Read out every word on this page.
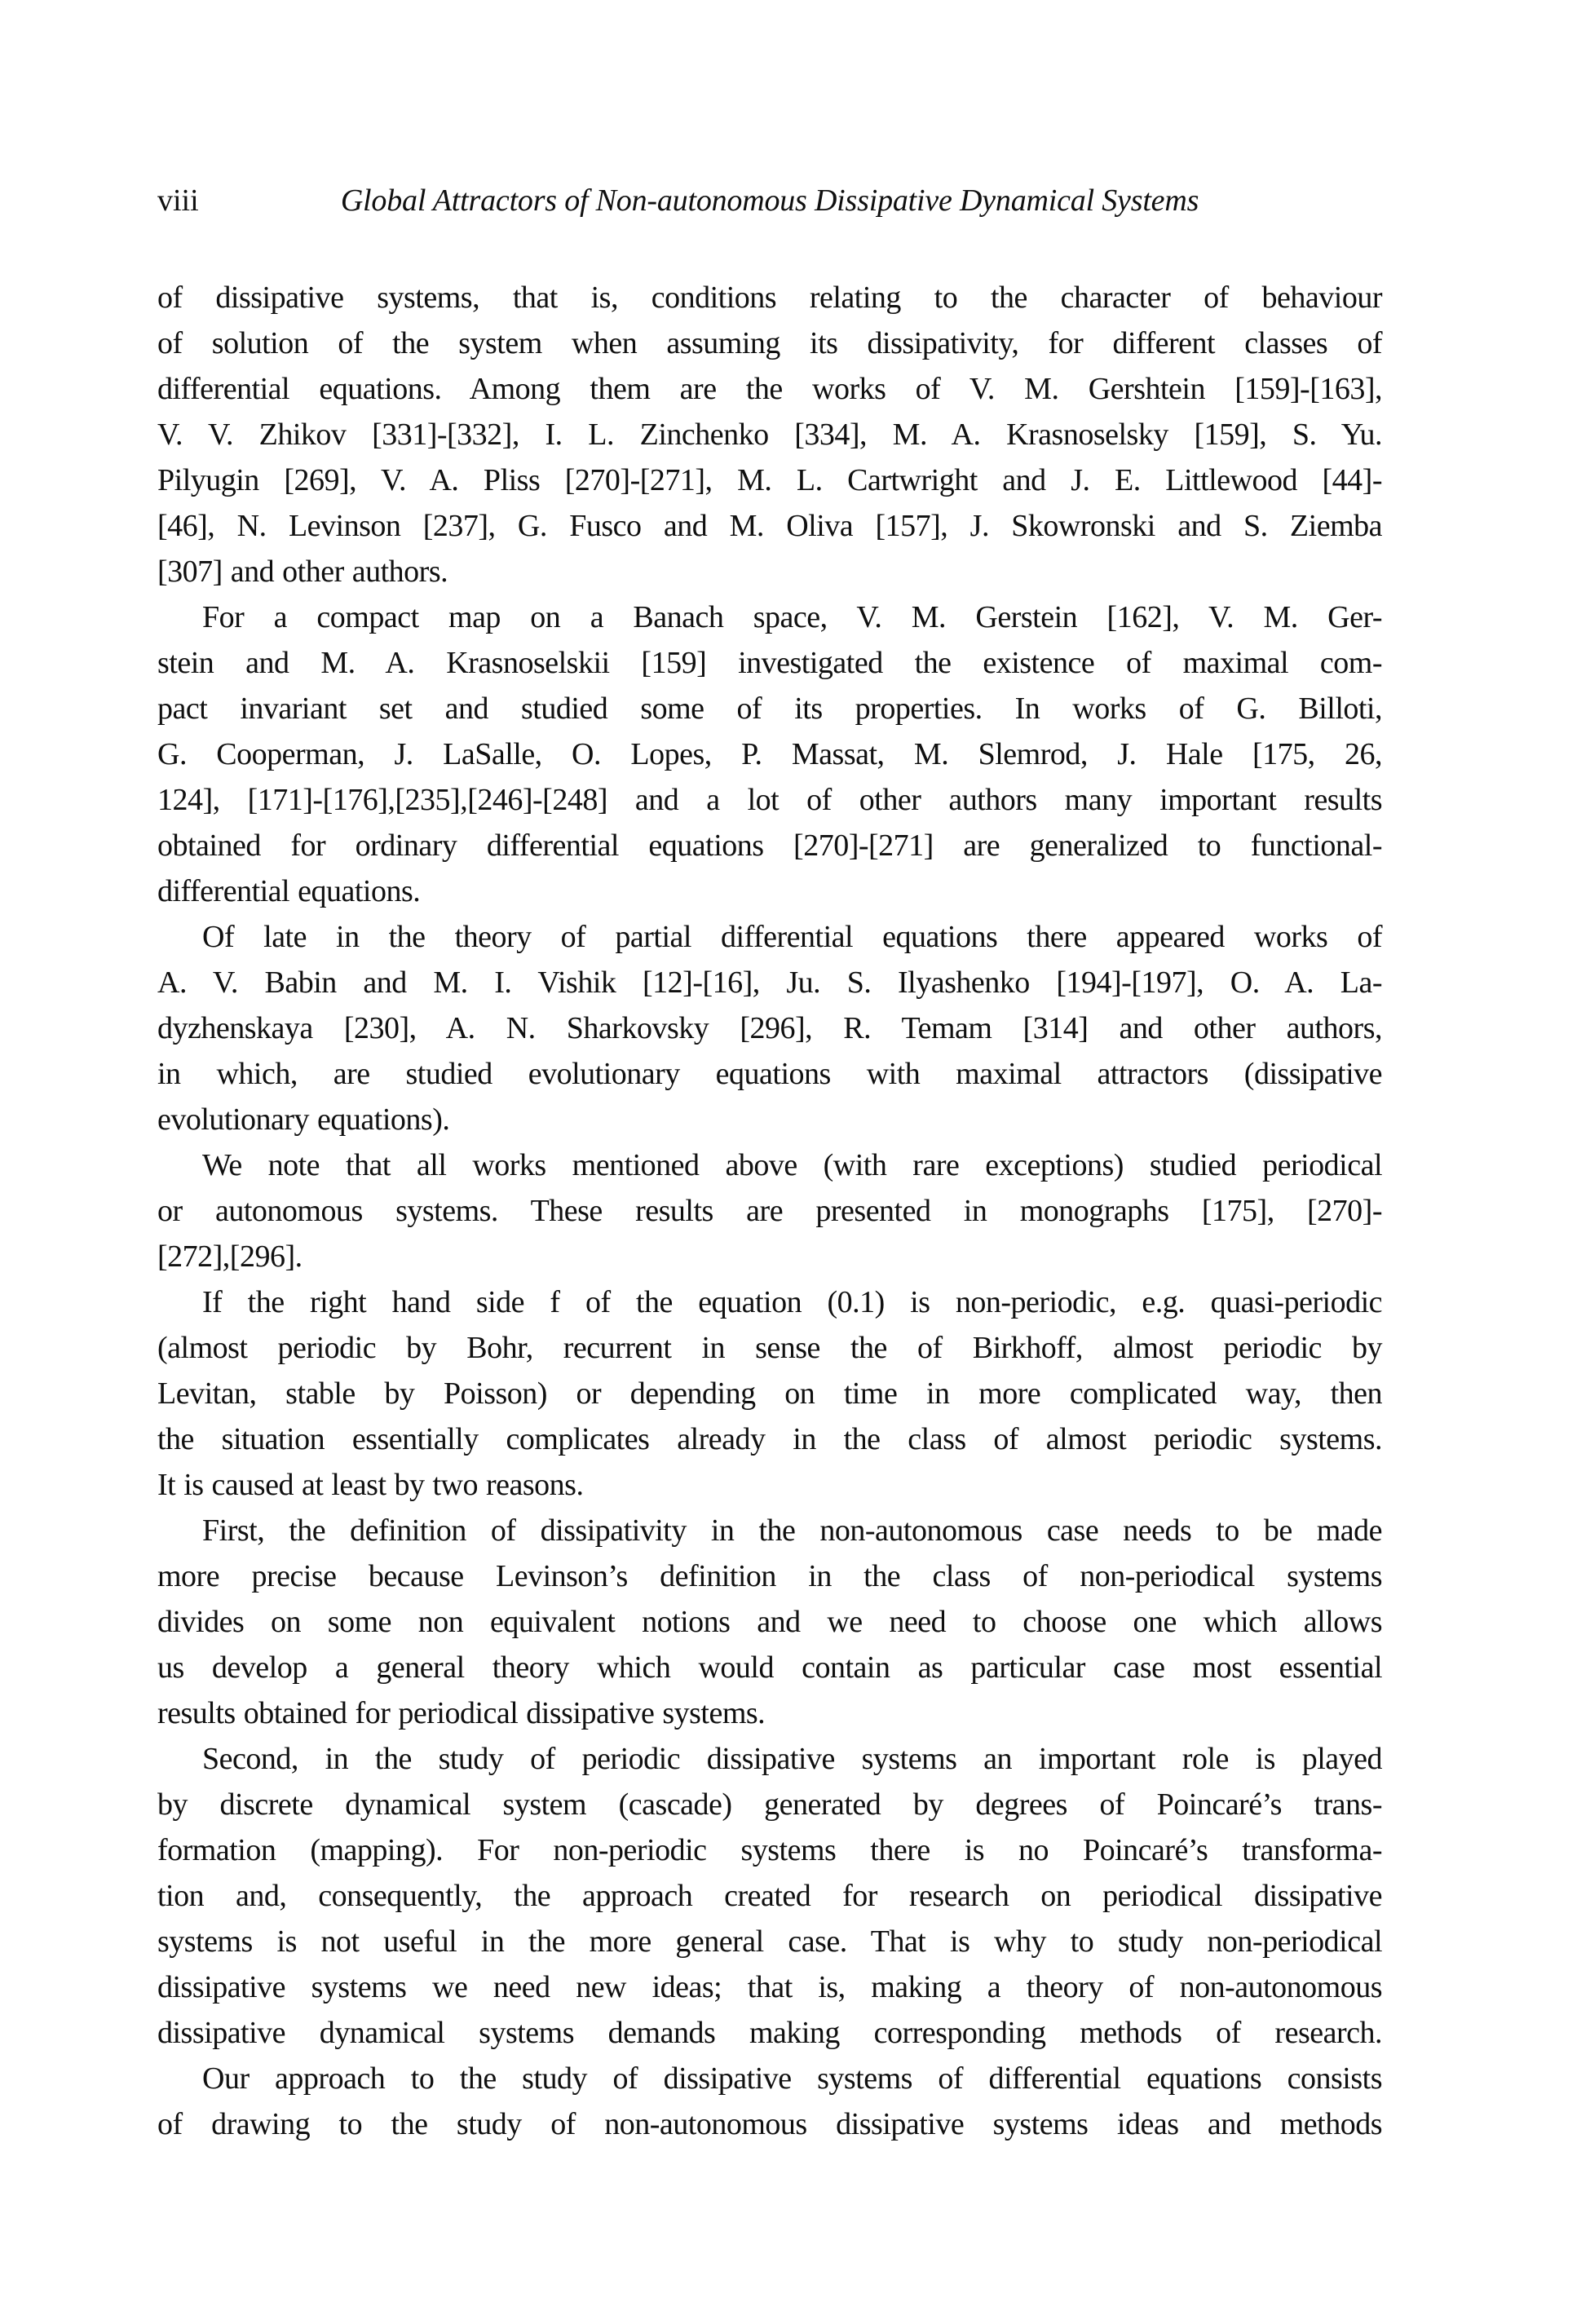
viii	Global Attractors of Non-autonomous Dissipative Dynamical Systems
of dissipative systems, that is, conditions relating to the character of behaviour
of solution of the system when assuming its dissipativity, for different classes of
differential equations. Among them are the works of V. M. Gershtein [159]-[163],
V. V. Zhikov [331]-[332], I. L. Zinchenko [334], M. A. Krasnoselsky [159], S. Yu.
Pilyugin [269], V. A. Pliss [270]-[271], M. L. Cartwright and J. E. Littlewood [44]-
[46], N. Levinson [237], G. Fusco and M. Oliva [157], J. Skowronski and S. Ziemba
[307] and other authors.
For a compact map on a Banach space, V. M. Gerstein [162], V. M. Ger-
stein and M. A. Krasnoselskii [159] investigated the existence of maximal com-
pact invariant set and studied some of its properties. In works of G. Billoti,
G. Cooperman, J. LaSalle, O. Lopes, P. Massat, M. Slemrod, J. Hale [175, 26,
124], [171]-[176],[235],[246]-[248] and a lot of other authors many important results
obtained for ordinary differential equations [270]-[271] are generalized to functional-
differential equations.
Of late in the theory of partial differential equations there appeared works of
A. V. Babin and M. I. Vishik [12]-[16], Ju. S. Ilyashenko [194]-[197], O. A. La-
dyzhenskaya [230], A. N. Sharkovsky [296], R. Temam [314] and other authors,
in which, are studied evolutionary equations with maximal attractors (dissipative
evolutionary equations).
We note that all works mentioned above (with rare exceptions) studied periodical
or autonomous systems. These results are presented in monographs [175], [270]-
[272],[296].
If the right hand side f of the equation (0.1) is non-periodic, e.g. quasi-periodic
(almost periodic by Bohr, recurrent in sense the of Birkhoff, almost periodic by
Levitan, stable by Poisson) or depending on time in more complicated way, then
the situation essentially complicates already in the class of almost periodic systems.
It is caused at least by two reasons.
First, the definition of dissipativity in the non-autonomous case needs to be made
more precise because Levinson’s definition in the class of non-periodical systems
divides on some non equivalent notions and we need to choose one which allows
us develop a general theory which would contain as particular case most essential
results obtained for periodical dissipative systems.
Second, in the study of periodic dissipative systems an important role is played
by discrete dynamical system (cascade) generated by degrees of Poincaré’s trans-
formation (mapping). For non-periodic systems there is no Poincaré’s transforma-
tion and, consequently, the approach created for research on periodical dissipative
systems is not useful in the more general case. That is why to study non-periodical
dissipative systems we need new ideas; that is, making a theory of non-autonomous
dissipative dynamical systems demands making corresponding methods of research.
Our approach to the study of dissipative systems of differential equations consists
of drawing to the study of non-autonomous dissipative systems ideas and methods
